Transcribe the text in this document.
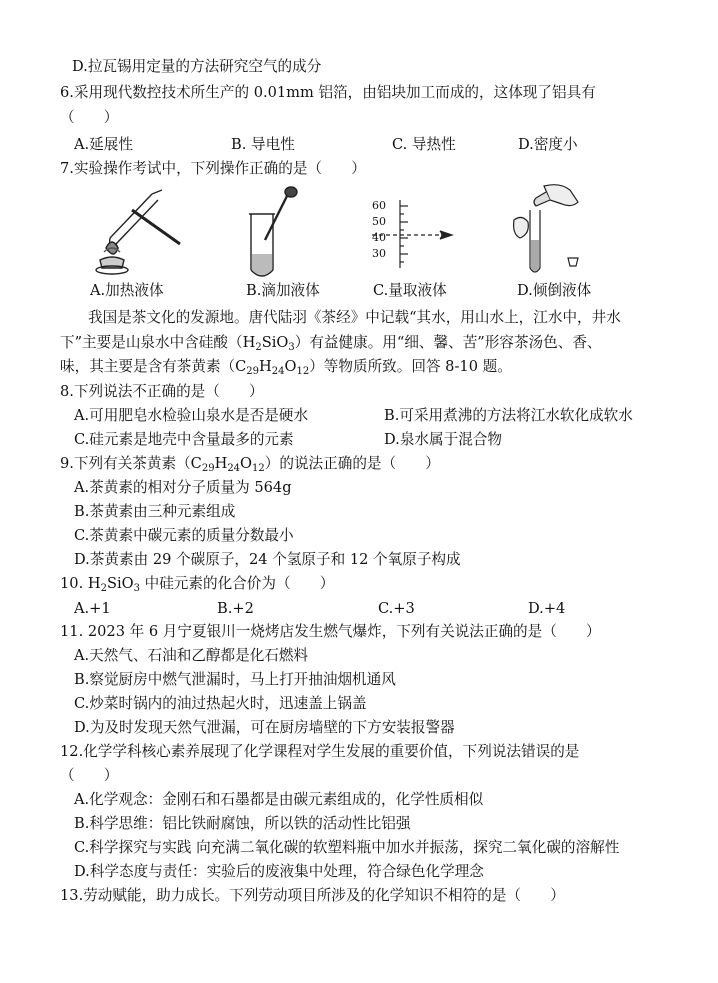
D.拉瓦锡用定量的方法研究空气的成分
6.采用现代数控技术所生产的 0.01mm 铝箔，由铝块加工而成的，这体现了铝具有
（　　）
A.延展性	B. 导电性	C. 导热性	D.密度小
7.实验操作考试中，下列操作正确的是（　　）
60
50
40
30
A.加热液体	B.滴加液体	C.量取液体	D.倾倒液体
我国是茶文化的发源地。唐代陆羽《茶经》中记载“其水，用山水上，江水中，井水
下”主要是山泉水中含硅酸$(H_2SiO_3)$有益健康。用“细、馨、苦”形容茶汤色、香、
味，其主要是含有茶黄素$(C_{29}H_{24}O_{12})$等物质所致。回答 8-10 题。
8.下列说法不正确的是（　　）
A.可用肥皂水检验山泉水是否是硬水	B.可采用煮沸的方法将江水软化成软水
C.硅元素是地壳中含量最多的元素	D.泉水属于混合物
9.下列有关茶黄素$(C_{29}H_{24}O_{12})$的说法正确的是（　　）
A.茶黄素的相对分子质量为 564g
B.茶黄素由三种元素组成
C.茶黄素中碳元素的质量分数最小
D.茶黄素由 29 个碳原子，24 个氢原子和 12 个氧原子构成
10. $H_2SiO_3$ 中硅元素的化合价为（　　）
A.+1	B.+2	C.+3	D.+4
11. 2023 年 6 月宁夏银川一烧烤店发生燃气爆炸，下列有关说法正确的是（　　）
A.天然气、石油和乙醇都是化石燃料
B.察觉厨房中燃气泄漏时，马上打开抽油烟机通风
C.炒菜时锅内的油过热起火时，迅速盖上锅盖
D.为及时发现天然气泄漏，可在厨房墙壁的下方安装报警器
12.化学学科核心素养展现了化学课程对学生发展的重要价值，下列说法错误的是
（　　）
A.化学观念：金刚石和石墨都是由碳元素组成的，化学性质相似
B.科学思维：铝比铁耐腐蚀，所以铁的活动性比铝强
C.科学探究与实践 向充满二氧化碳的软塑料瓶中加水并振荡，探究二氧化碳的溶解性
D.科学态度与责任：实验后的废液集中处理，符合绿色化学理念
13.劳动赋能，助力成长。下列劳动项目所涉及的化学知识不相符的是（　　）
